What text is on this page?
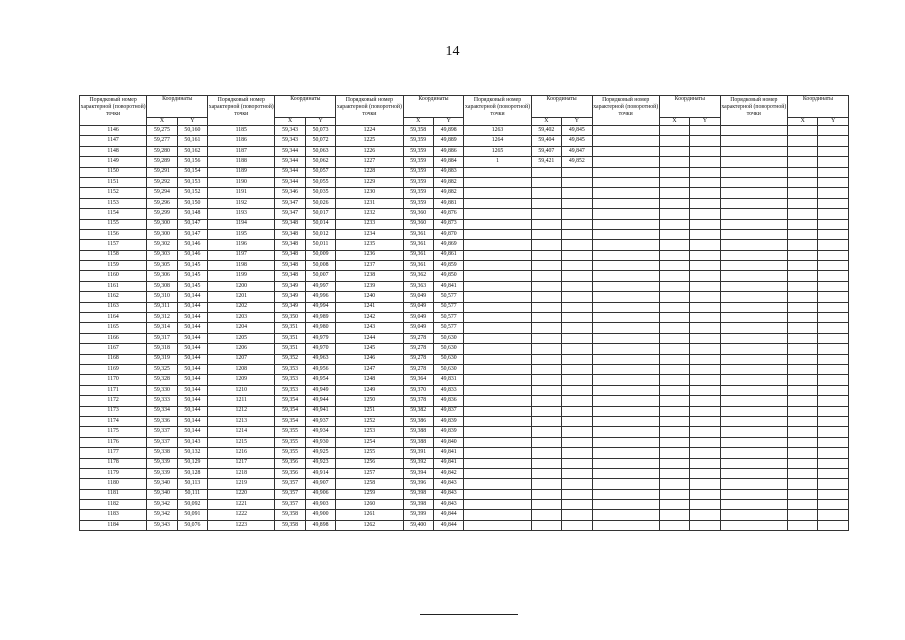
14
Порядковый номер характерной (поворотной) точки	Координаты		Порядковый номер характерной (поворотной) точки	Координаты		Порядковый номер характерной (поворотной) точки	Координаты		Порядковый номер характерной (поворотной) точки	Координаты		Порядковый номер характерной (поворотной) точки	Координаты		Порядковый номер характерной (поворотной) точки	Координаты	
	X	Y		X	Y		X	Y		X	Y		X	Y		X	Y
1146	59,275	50,160	1185	59,343	50,073	1224	59,358	49,898	1263	59,402	49,845						
1147	59,277	50,161	1186	59,343	50,072	1225	59,359	49,889	1264	59,404	49,845						
1148	59,280	50,162	1187	59,344	50,063	1226	59,359	49,886	1265	59,407	49,847						
1149	59,289	50,156	1188	59,344	50,062	1227	59,359	49,884	1	59,421	49,852						
1150	59,291	50,154	1189	59,344	50,057	1228	59,359	49,883									
1151	59,292	50,153	1190	59,344	50,055	1229	59,359	49,882									
1152	59,294	50,152	1191	59,346	50,035	1230	59,359	49,882									
1153	59,296	50,150	1192	59,347	50,026	1231	59,359	49,881									
1154	59,299	50,148	1193	59,347	50,017	1232	59,360	49,876									
1155	59,300	50,147	1194	59,348	50,014	1233	59,360	49,873									
1156	59,300	50,147	1195	59,348	50,012	1234	59,361	49,870									
1157	59,302	50,146	1196	59,348	50,011	1235	59,361	49,869									
1158	59,303	50,146	1197	59,348	50,009	1236	59,361	49,861									
1159	59,305	50,145	1198	59,348	50,008	1237	59,361	49,859									
1160	59,306	50,145	1199	59,348	50,007	1238	59,362	49,850									
1161	59,308	50,145	1200	59,349	49,997	1239	59,363	49,841									
1162	59,310	50,144	1201	59,349	49,996	1240	59,049	50,577									
1163	59,311	50,144	1202	59,349	49,994	1241	59,049	50,577									
1164	59,312	50,144	1203	59,350	49,989	1242	59,049	50,577									
1165	59,314	50,144	1204	59,351	49,980	1243	59,049	50,577									
1166	59,317	50,144	1205	59,351	49,979	1244	59,278	50,630									
1167	59,318	50,144	1206	59,351	49,970	1245	59,278	50,630									
1168	59,319	50,144	1207	59,352	49,963	1246	59,278	50,630									
1169	59,325	50,144	1208	59,353	49,956	1247	59,278	50,630									
1170	59,328	50,144	1209	59,353	49,954	1248	59,364	49,831									
1171	59,330	50,144	1210	59,353	49,949	1249	59,370	49,833									
1172	59,333	50,144	1211	59,354	49,944	1250	59,378	49,836									
1173	59,334	50,144	1212	59,354	49,941	1251	59,382	49,837									
1174	59,336	50,144	1213	59,354	49,937	1252	59,386	49,839									
1175	59,337	50,144	1214	59,355	49,934	1253	59,388	49,839									
1176	59,337	50,143	1215	59,355	49,930	1254	59,388	49,840									
1177	59,338	50,132	1216	59,355	49,925	1255	59,391	49,841									
1178	59,339	50,129	1217	59,356	49,923	1256	59,392	49,841									
1179	59,339	50,128	1218	59,356	49,914	1257	59,394	49,842									
1180	59,340	50,113	1219	59,357	49,907	1258	59,396	49,843									
1181	59,340	50,111	1220	59,357	49,906	1259	59,398	49,843									
1182	59,342	50,092	1221	59,357	49,903	1260	59,398	49,843									
1183	59,342	50,091	1222	59,358	49,900	1261	59,399	49,844									
1184	59,343	50,076	1223	59,358	49,898	1262	59,400	49,844									
